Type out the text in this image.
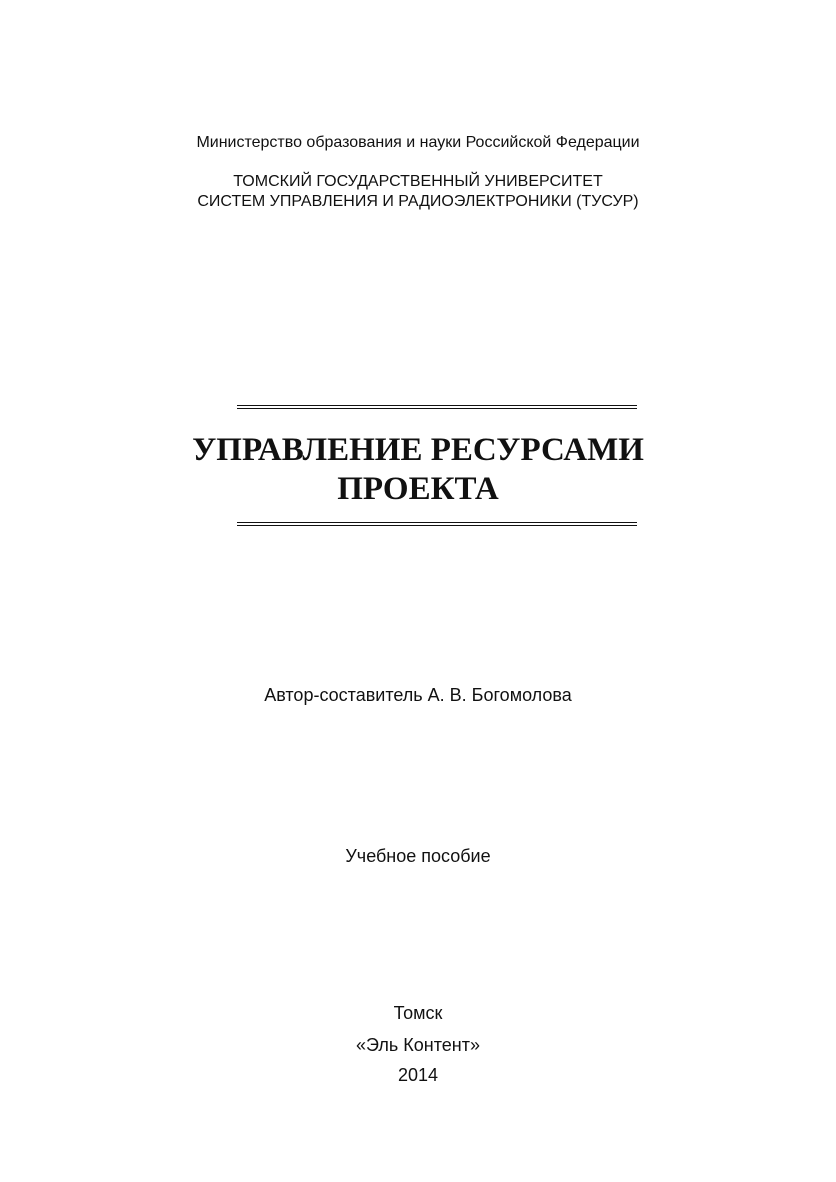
Министерство образования и науки Российской Федерации
ТОМСКИЙ ГОСУДАРСТВЕННЫЙ УНИВЕРСИТЕТ
СИСТЕМ УПРАВЛЕНИЯ И РАДИОЭЛЕКТРОНИКИ (ТУСУР)
УПРАВЛЕНИЕ РЕСУРСАМИ
ПРОЕКТА
Автор-составитель А. В. Богомолова
Учебное пособие
Томск
«Эль Контент»
2014
